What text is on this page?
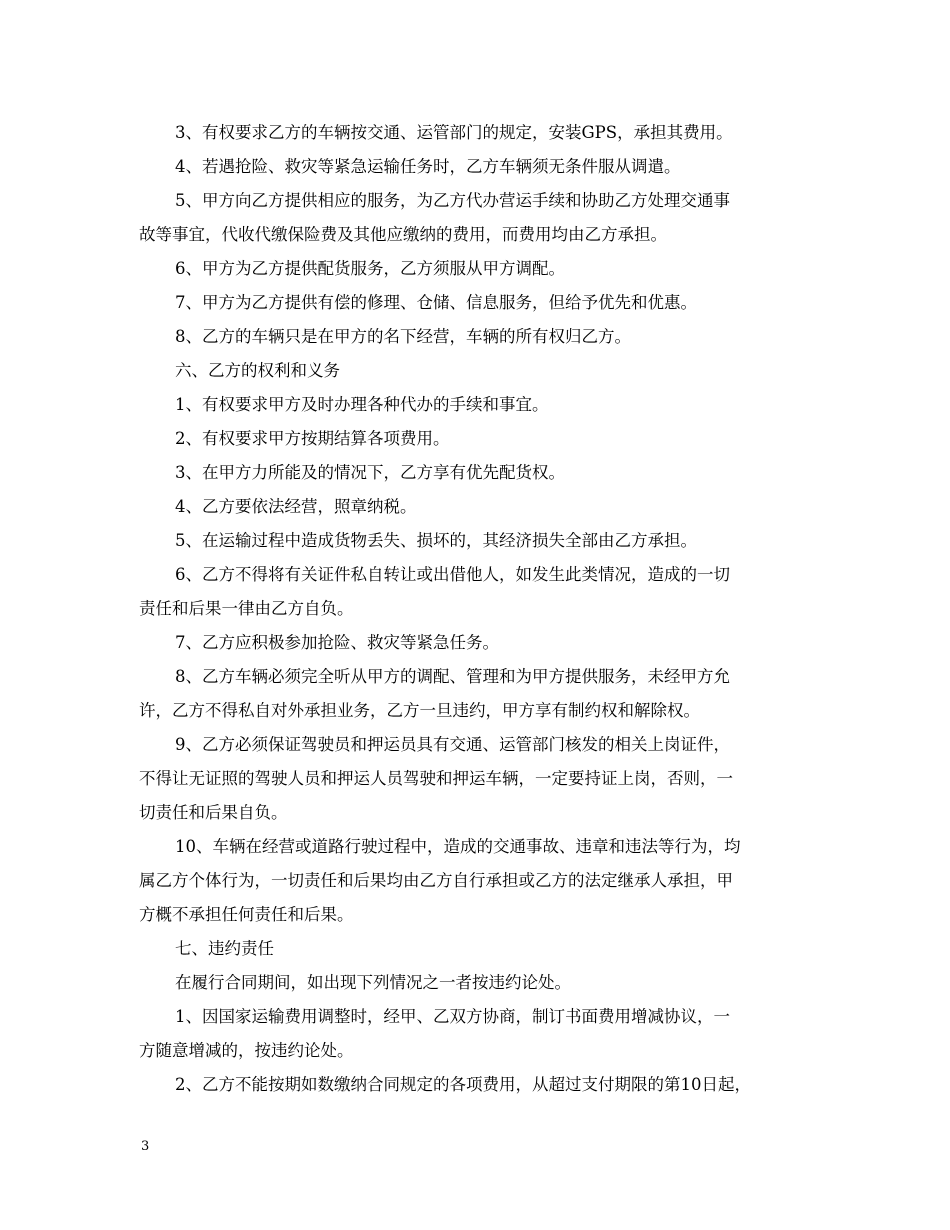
3、有权要求乙方的车辆按交通、运管部门的规定，安装GPS，承担其费用。
4、若遇抢险、救灾等紧急运输任务时，乙方车辆须无条件服从调遣。
5、甲方向乙方提供相应的服务，为乙方代办营运手续和协助乙方处理交通事
故等事宜，代收代缴保险费及其他应缴纳的费用，而费用均由乙方承担。
6、甲方为乙方提供配货服务，乙方须服从甲方调配。
7、甲方为乙方提供有偿的修理、仓储、信息服务，但给予优先和优惠。
8、乙方的车辆只是在甲方的名下经营，车辆的所有权归乙方。
六、乙方的权利和义务
1、有权要求甲方及时办理各种代办的手续和事宜。
2、有权要求甲方按期结算各项费用。
3、在甲方力所能及的情况下，乙方享有优先配货权。
4、乙方要依法经营，照章纳税。
5、在运输过程中造成货物丢失、损坏的，其经济损失全部由乙方承担。
6、乙方不得将有关证件私自转让或出借他人，如发生此类情况，造成的一切
责任和后果一律由乙方自负。
7、乙方应积极参加抢险、救灾等紧急任务。
8、乙方车辆必须完全听从甲方的调配、管理和为甲方提供服务，未经甲方允
许，乙方不得私自对外承担业务，乙方一旦违约，甲方享有制约权和解除权。
9、乙方必须保证驾驶员和押运员具有交通、运管部门核发的相关上岗证件，
不得让无证照的驾驶人员和押运人员驾驶和押运车辆，一定要持证上岗，否则，一
切责任和后果自负。
10、车辆在经营或道路行驶过程中，造成的交通事故、违章和违法等行为，均
属乙方个体行为，一切责任和后果均由乙方自行承担或乙方的法定继承人承担，甲
方概不承担任何责任和后果。
七、违约责任
在履行合同期间，如出现下列情况之一者按违约论处。
1、因国家运输费用调整时，经甲、乙双方协商，制订书面费用增减协议，一
方随意增减的，按违约论处。
2、乙方不能按期如数缴纳合同规定的各项费用，从超过支付期限的第10日起，
3
